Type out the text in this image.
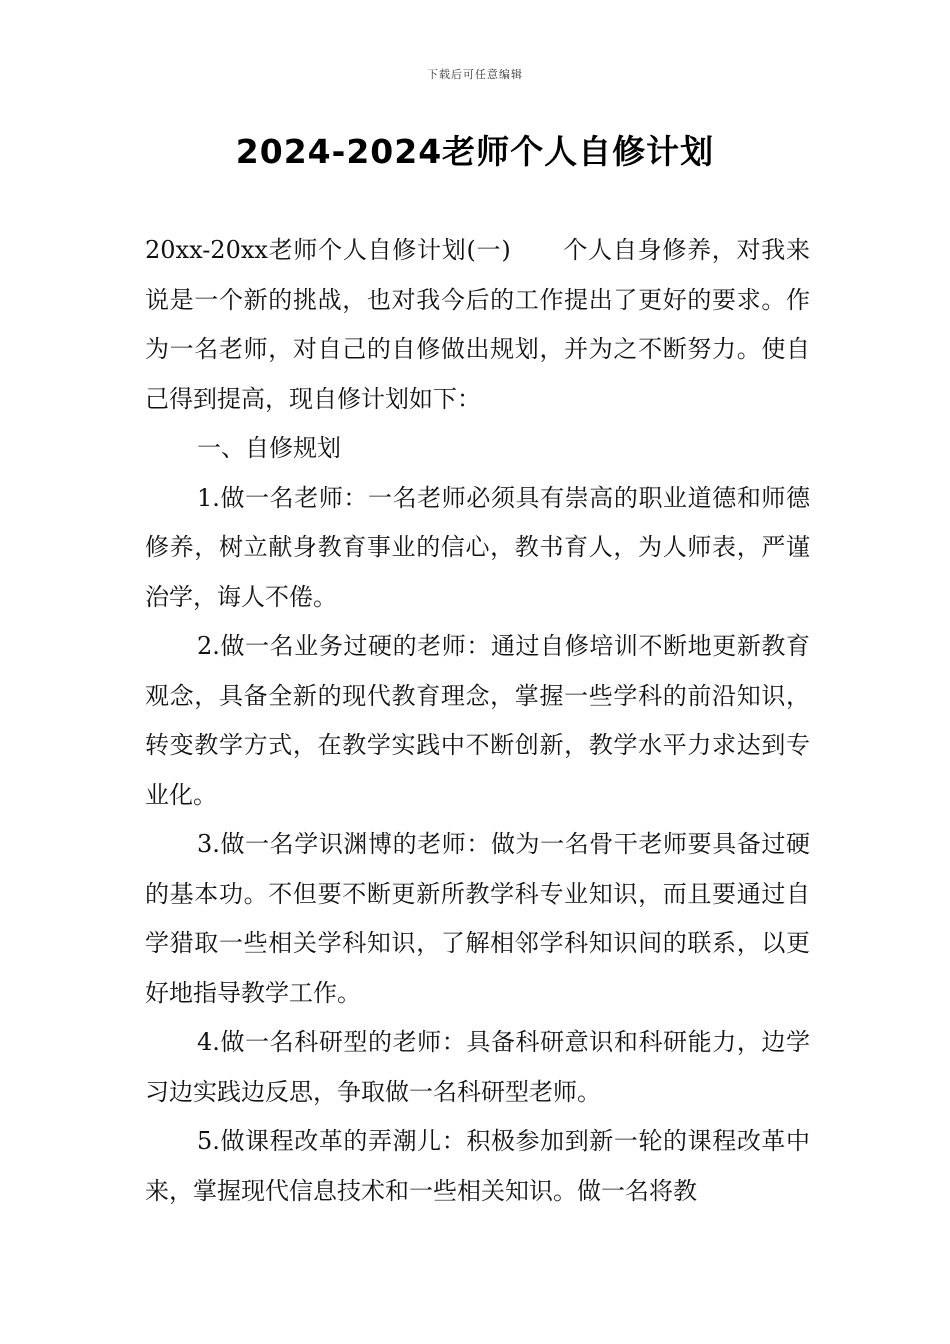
下载后可任意编辑
2024-2024老师个人自修计划

20xx-20xx老师个人自修计划(一) 个人自身修养，对我来说是一个新的挑战，也对我今后的工作提出了更好的要求。作为一名老师，对自己的自修做出规划，并为之不断努力。使自己得到提高，现自修计划如下：

一、自修规划

1.做一名老师：一名老师必须具有崇高的职业道德和师德修养，树立献身教育事业的信心，教书育人，为人师表，严谨治学，诲人不倦。

2.做一名业务过硬的老师：通过自修培训不断地更新教育观念，具备全新的现代教育理念，掌握一些学科的前沿知识，转变教学方式，在教学实践中不断创新，教学水平力求达到专业化。

3.做一名学识渊博的老师：做为一名骨干老师要具备过硬的基本功。不但要不断更新所教学科专业知识，而且要通过自学猎取一些相关学科知识，了解相邻学科知识间的联系，以更好地指导教学工作。

4.做一名科研型的老师：具备科研意识和科研能力，边学习边实践边反思，争取做一名科研型老师。

5.做课程改革的弄潮儿：积极参加到新一轮的课程改革中来，掌握现代信息技术和一些相关知识。做一名将教
